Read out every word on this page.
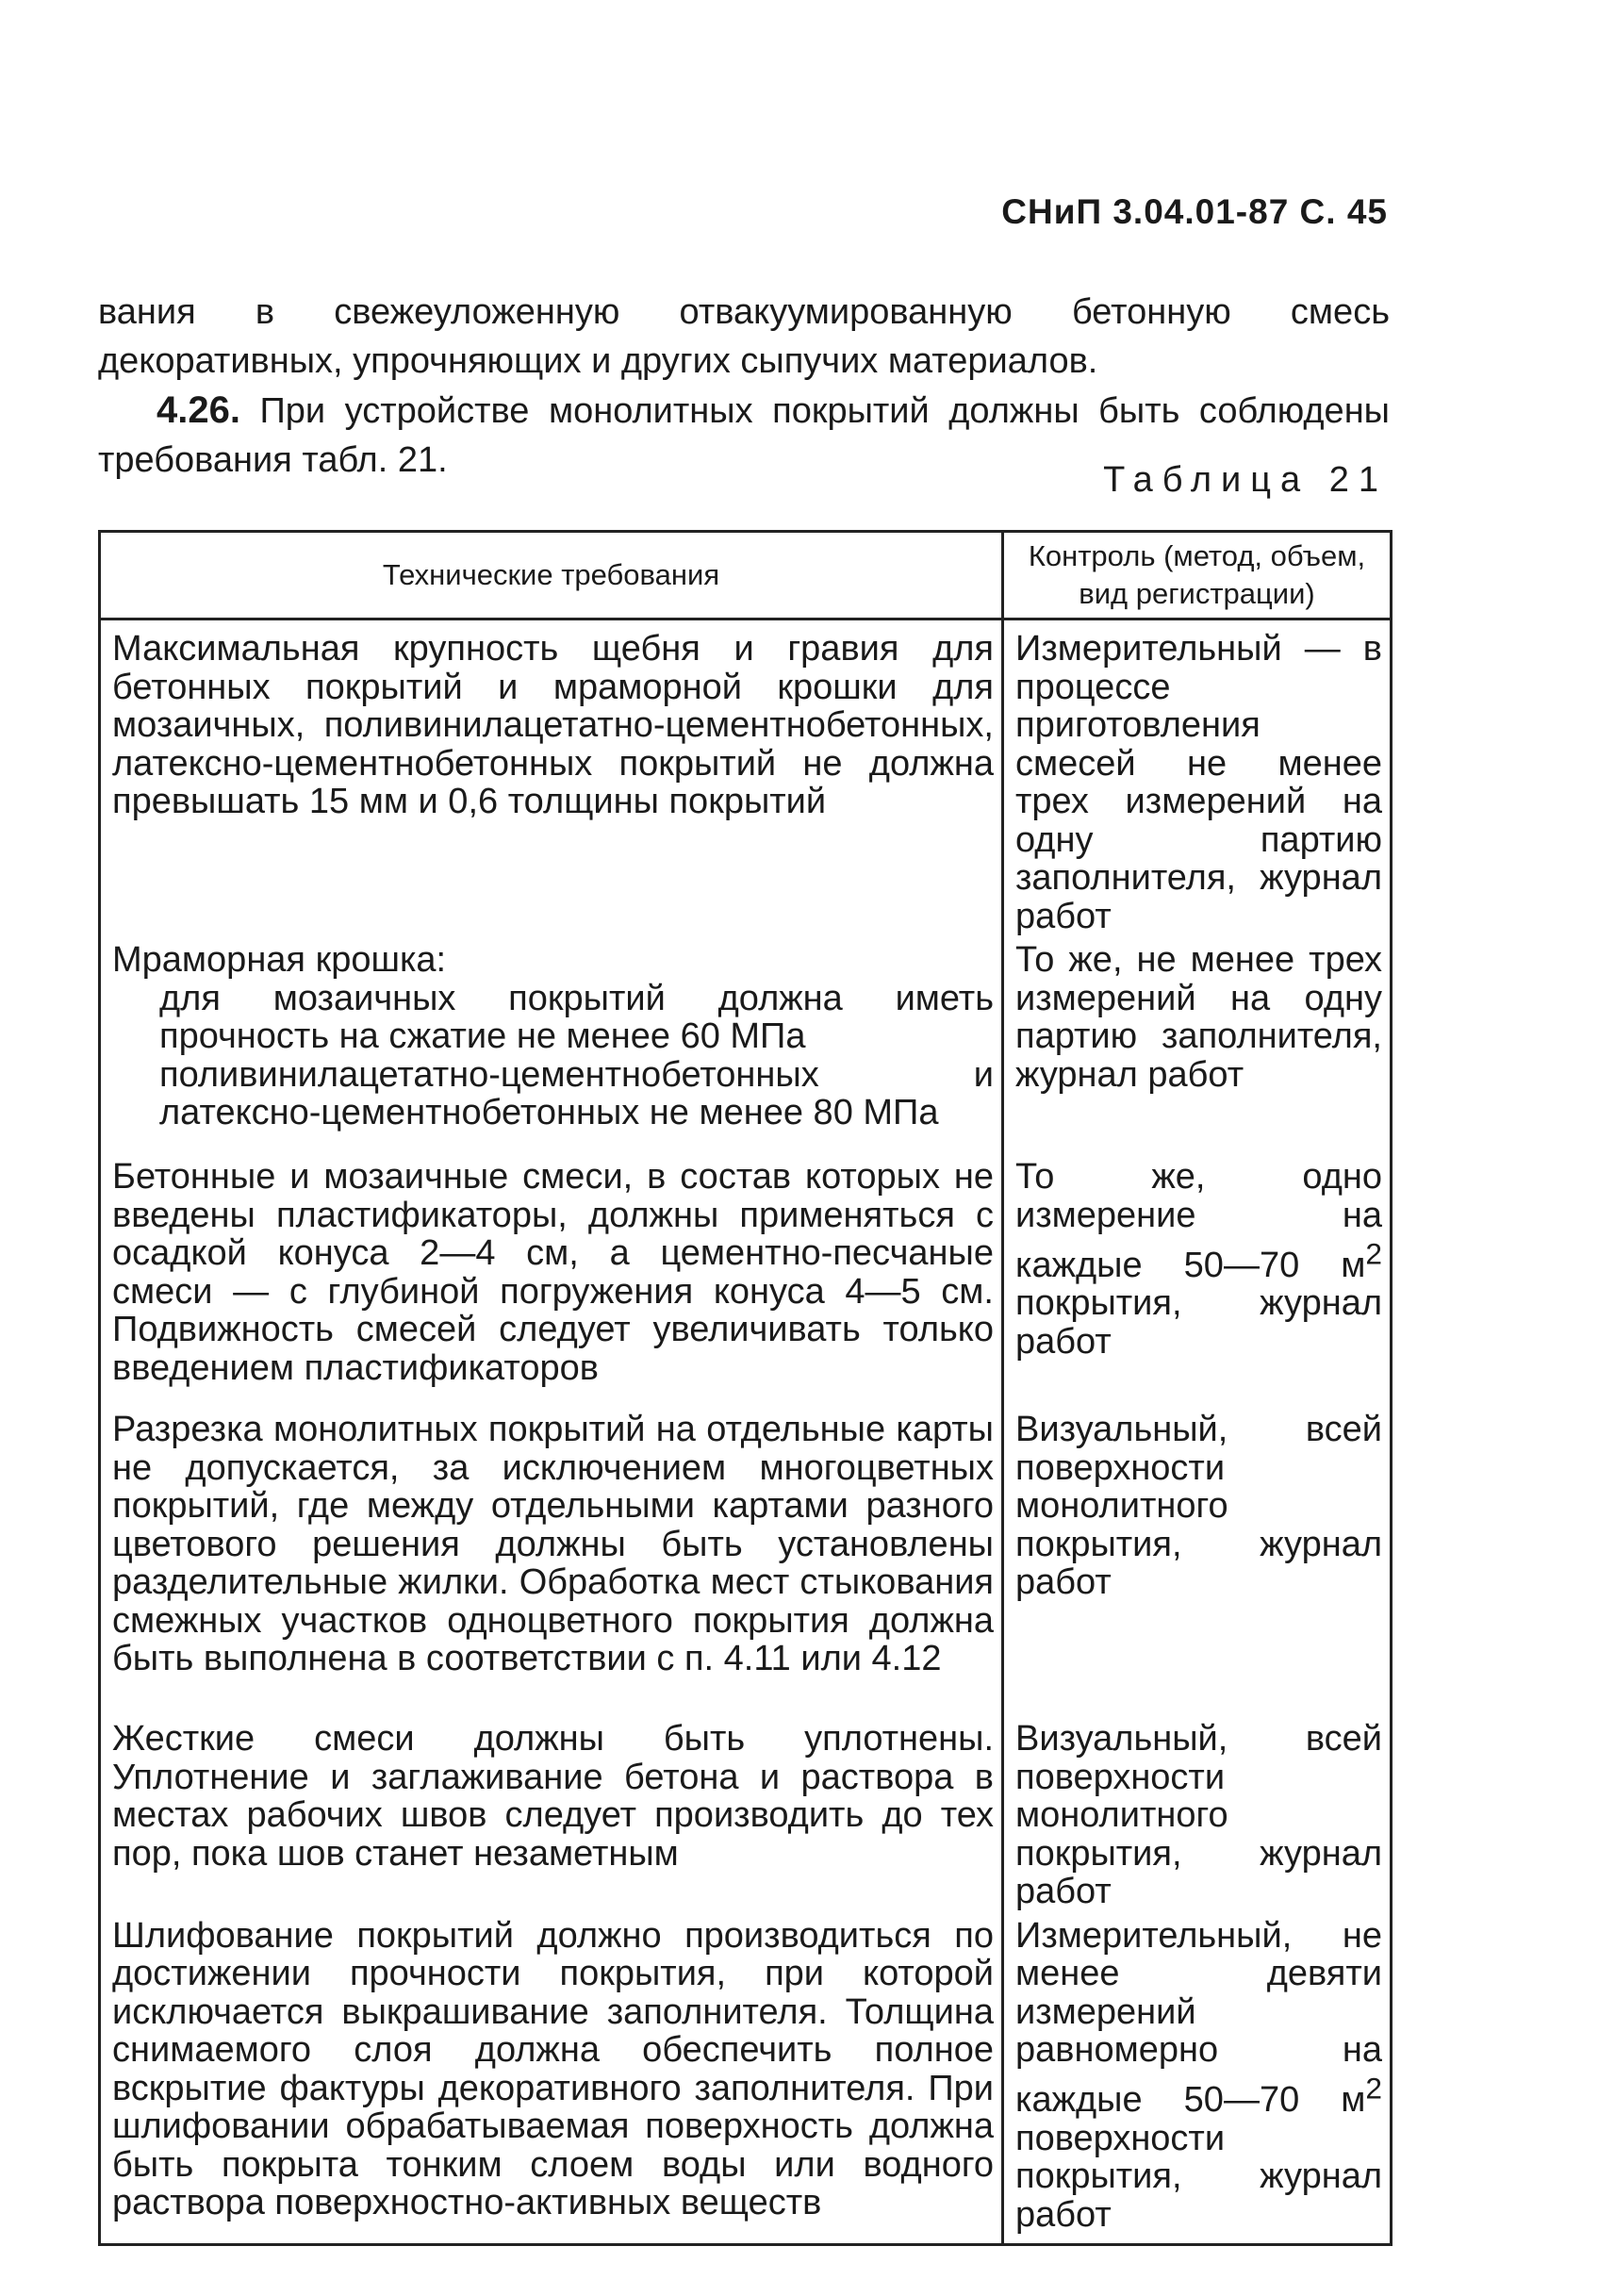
СНиП 3.04.01-87 С. 45

вания в свежеуложенную отвакуумированную бетонную смесь декоративных, упрочняющих и других сыпучих материалов.

4.26. При устройстве монолитных покрытий должны быть соблюдены требования табл. 21.	Таблица 21
Технические требования	Контроль (метод, объем, вид регистрации)
Максимальная крупность щебня и гравия для бетонных покрытий и мраморной крошки для мозаичных, поливинилацетатно-цементнобетонных, латексно-цементнобетонных покрытий не должна превышать 15 мм и 0,6 толщины покрытий	Измерительный — в процессе приготовления смесей не менее трех измерений на одну партию заполнителя, журнал работ

Мраморная крошка:
для мозаичных покрытий должна иметь прочность на сжатие не менее 60 МПа
поливинилацетатно-цементнобетонных и латексно-цементнобетонных не менее 80 МПа	То же, не менее трех измерений на одну партию заполнителя, журнал работ
Бетонные и мозаичные смеси, в состав которых не введены пластификаторы, должны применяться с осадкой конуса 2—4 см, а цементно-песчаные смеси — с глубиной погружения конуса 4—5 см. Подвижность смесей следует увеличивать только введением пластификаторов	То же, одно измерение на каждые 50—70 $м^2$ покрытия, журнал работ
Разрезка монолитных покрытий на отдельные карты не допускается, за исключением многоцветных покрытий, где между отдельными картами разного цветового решения должны быть установлены разделительные жилки. Обработка мест стыкования смежных участков одноцветного покрытия должна быть выполнена в соответствии с п. 4.11 или 4.12	Визуальный, всей поверхности монолитного покрытия, журнал работ
Жесткие смеси должны быть уплотнены. Уплотнение и заглаживание бетона и раствора в местах рабочих швов следует производить до тех пор, пока шов станет незаметным	Визуальный, всей поверхности монолитного покрытия, журнал работ
Шлифование покрытий должно производиться по достижении прочности покрытия, при которой исключается выкрашивание заполнителя. Толщина снимаемого слоя должна обеспечить полное вскрытие фактуры декоративного заполнителя. При шлифовании обрабатываемая поверхность должна быть покрыта тонким слоем воды или водного раствора поверхностно-активных веществ	Измерительный, не менее девяти измерений равномерно на каждые 50—70 $м^2$ поверхности покрытия, журнал работ
